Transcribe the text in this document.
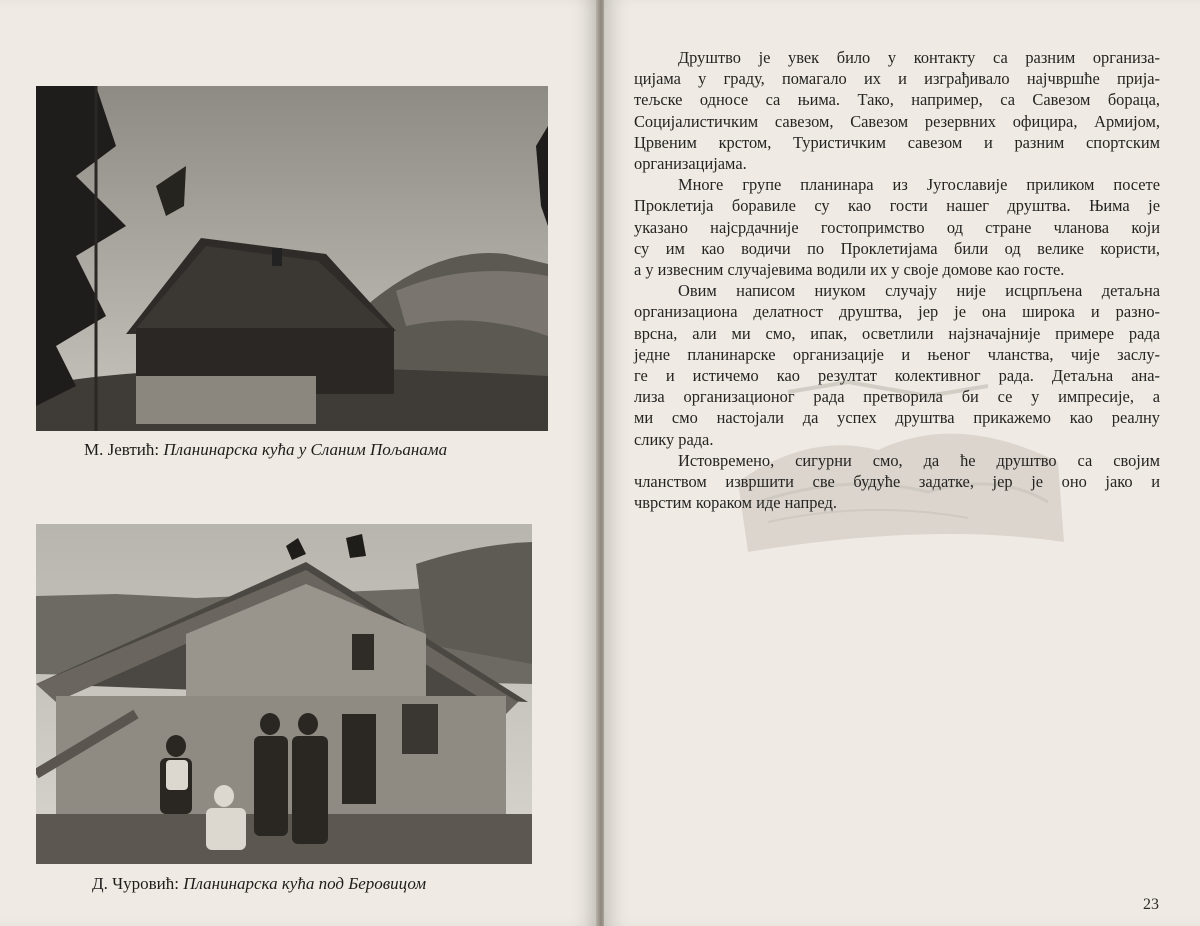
М. Јевтић: Планинарска кућа у Сланим Пољанама
Д. Чуровић: Планинарска кућа под Беровицом

Друштво је увек било у контакту са разним организа-
цијама у граду, помагало их и изграђивало најчвршће прија-
тељске односе са њима. Тако, например, са Савезом бораца,
Социјалистичким савезом, Савезом резервних официра, Армијом,
Црвеним крстом, Туристичким савезом и разним спортским
организацијама.

Многе групе планинара из Југославије приликом посете
Проклетија боравиле су као гости нашег друштва. Њима је
указано најсрдачније гостопримство од стране чланова који
су им као водичи по Проклетијама били од велике користи,
а у извесним случајевима водили их у своје домове као госте.

Овим написом ниуком случају није исцрпљена детаљна
организациона делатност друштва, јер је она широка и разно-
врсна, али ми смо, ипак, осветлили најзначајније примере рада
једне планинарске организације и њеног чланства, чије заслу-
ге и истичемо као резултат колективног рада. Детаљна ана-
лиза организационог рада претворила би се у импресије, а
ми смо настојали да успех друштва прикажемо као реалну
слику рада.

Истовремено, сигурни смо, да ће друштво са својим
чланством извршити све будуће задатке, јер је оно јако и
чврстим кораком иде напред.

23
